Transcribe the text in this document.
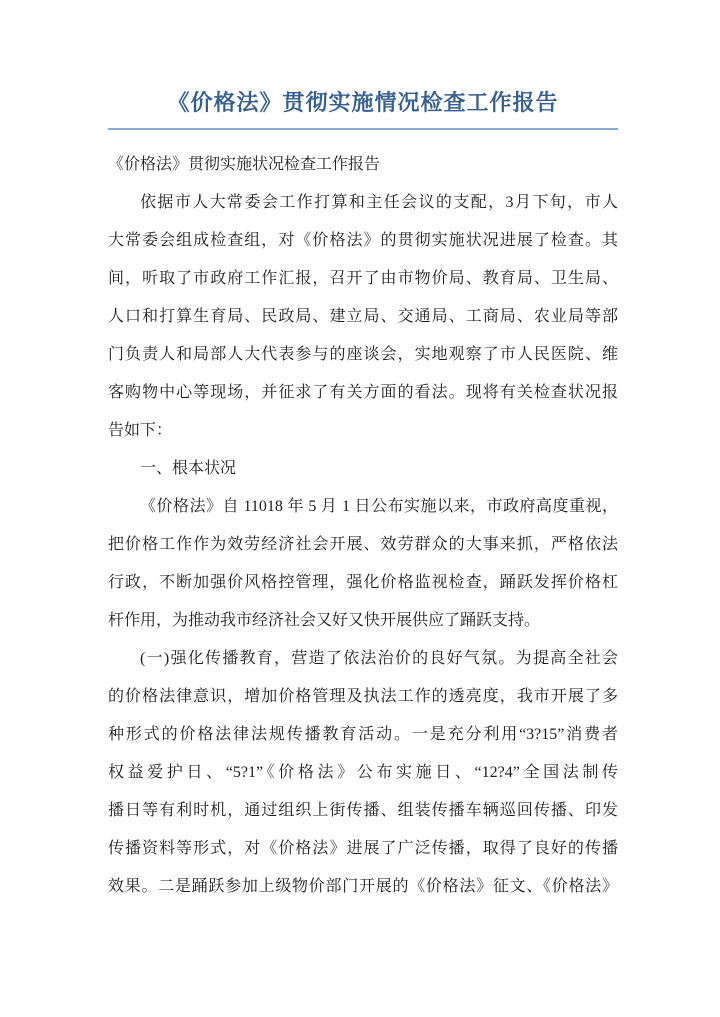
《价格法》贯彻实施情况检查工作报告
《价格法》贯彻实施状况检查工作报告
依据市人大常委会工作打算和主任会议的支配，3月下旬，市人
大常委会组成检查组，对《价格法》的贯彻实施状况进展了检查。其
间，听取了市政府工作汇报，召开了由市物价局、教育局、卫生局、
人口和打算生育局、民政局、建立局、交通局、工商局、农业局等部
门负责人和局部人大代表参与的座谈会，实地观察了市人民医院、维
客购物中心等现场，并征求了有关方面的看法。现将有关检查状况报
告如下：
一、根本状况
《价格法》自 11018 年 5 月 1 日公布实施以来，市政府高度重视，
把价格工作作为效劳经济社会开展、效劳群众的大事来抓，严格依法
行政，不断加强价风格控管理，强化价格监视检查，踊跃发挥价格杠
杆作用，为推动我市经济社会又好又快开展供应了踊跃支持。
(一)强化传播教育，营造了依法治价的良好气氛。为提高全社会
的价格法律意识，增加价格管理及执法工作的透亮度，我市开展了多
种形式的价格法律法规传播教育活动。一是充分利用“3?15”消费者
权益爱护日、“5?1”《价格法》公布实施日、“12?4”全国法制传
播日等有利时机，通过组织上街传播、组装传播车辆巡回传播、印发
传播资料等形式，对《价格法》进展了广泛传播，取得了良好的传播
效果。二是踊跃参加上级物价部门开展的《价格法》征文、《价格法》
